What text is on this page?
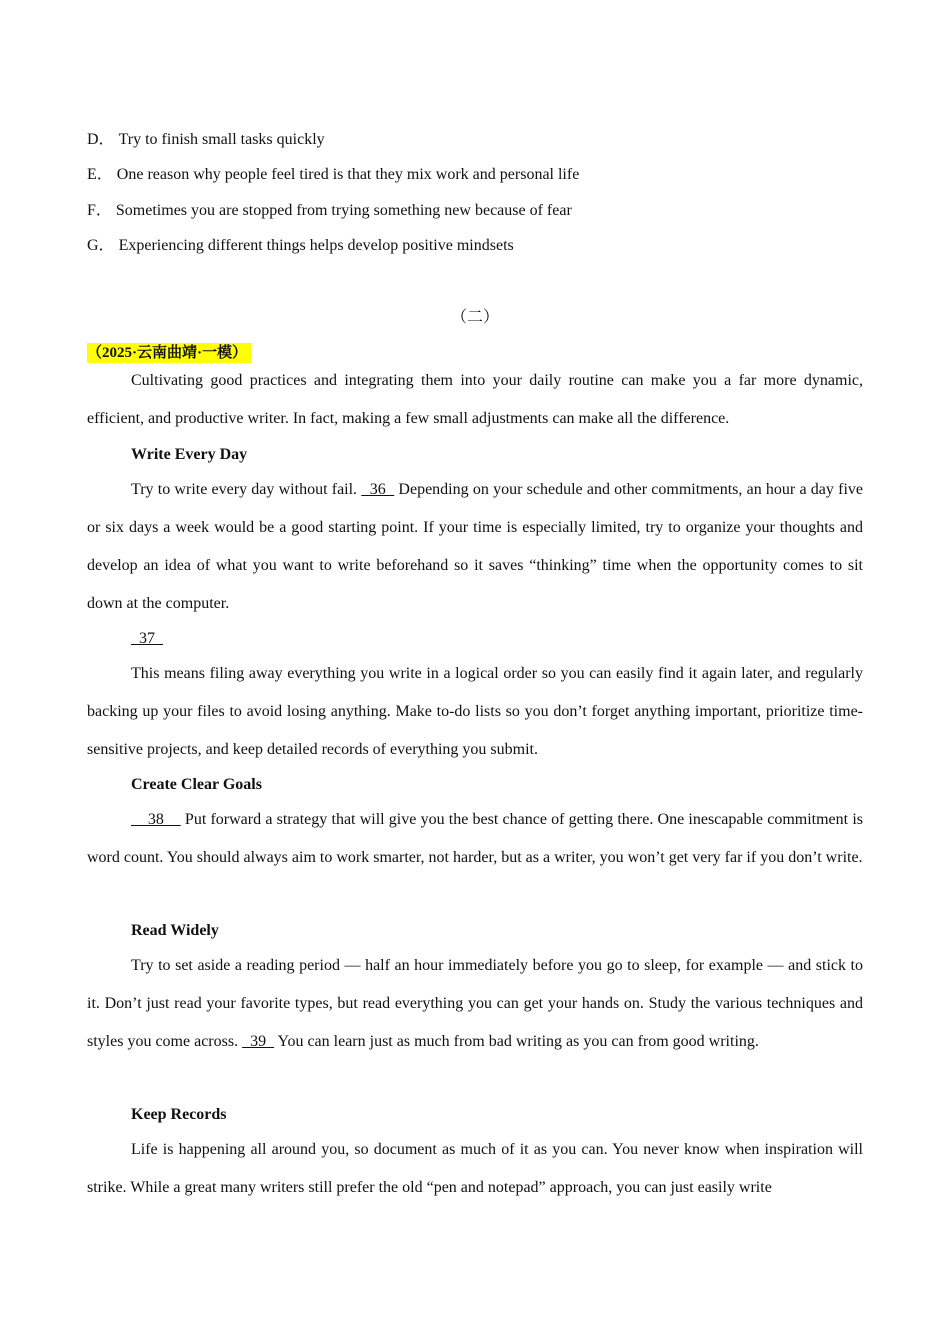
D． Try to finish small tasks quickly
E． One reason why people feel tired is that they mix work and personal life
F． Sometimes you are stopped from trying something new because of fear
G． Experiencing different things helps develop positive mindsets
（二）
（2025·云南曲靖·一模）

Cultivating good practices and integrating them into your daily routine can make you a far more dynamic, efficient, and productive writer. In fact, making a few small adjustments can make all the difference.

Write Every Day

Try to write every day without fail.   36   Depending on your schedule and other commitments, an hour a day five or six days a week would be a good starting point. If your time is especially limited, try to organize your thoughts and develop an idea of what you want to write beforehand so it saves “thinking” time when the opportunity comes to sit down at the computer.

37

This means filing away everything you write in a logical order so you can easily find it again later, and regularly backing up your files to avoid losing anything. Make to-do lists so you don’t forget anything important, prioritize time-sensitive projects, and keep detailed records of everything you submit.

Create Clear Goals

38     Put forward a strategy that will give you the best chance of getting there. One inescapable commitment is word count. You should always aim to work smarter, not harder, but as a writer, you won’t get very far if you don’t write.

Read Widely

Try to set aside a reading period — half an hour immediately before you go to sleep, for example — and stick to it. Don’t just read your favorite types, but read everything you can get your hands on. Study the various techniques and styles you come across.   39   You can learn just as much from bad writing as you can from good writing.

Keep Records

Life is happening all around you, so document as much of it as you can. You never know when inspiration will strike. While a great many writers still prefer the old “pen and notepad” approach, you can just easily write
